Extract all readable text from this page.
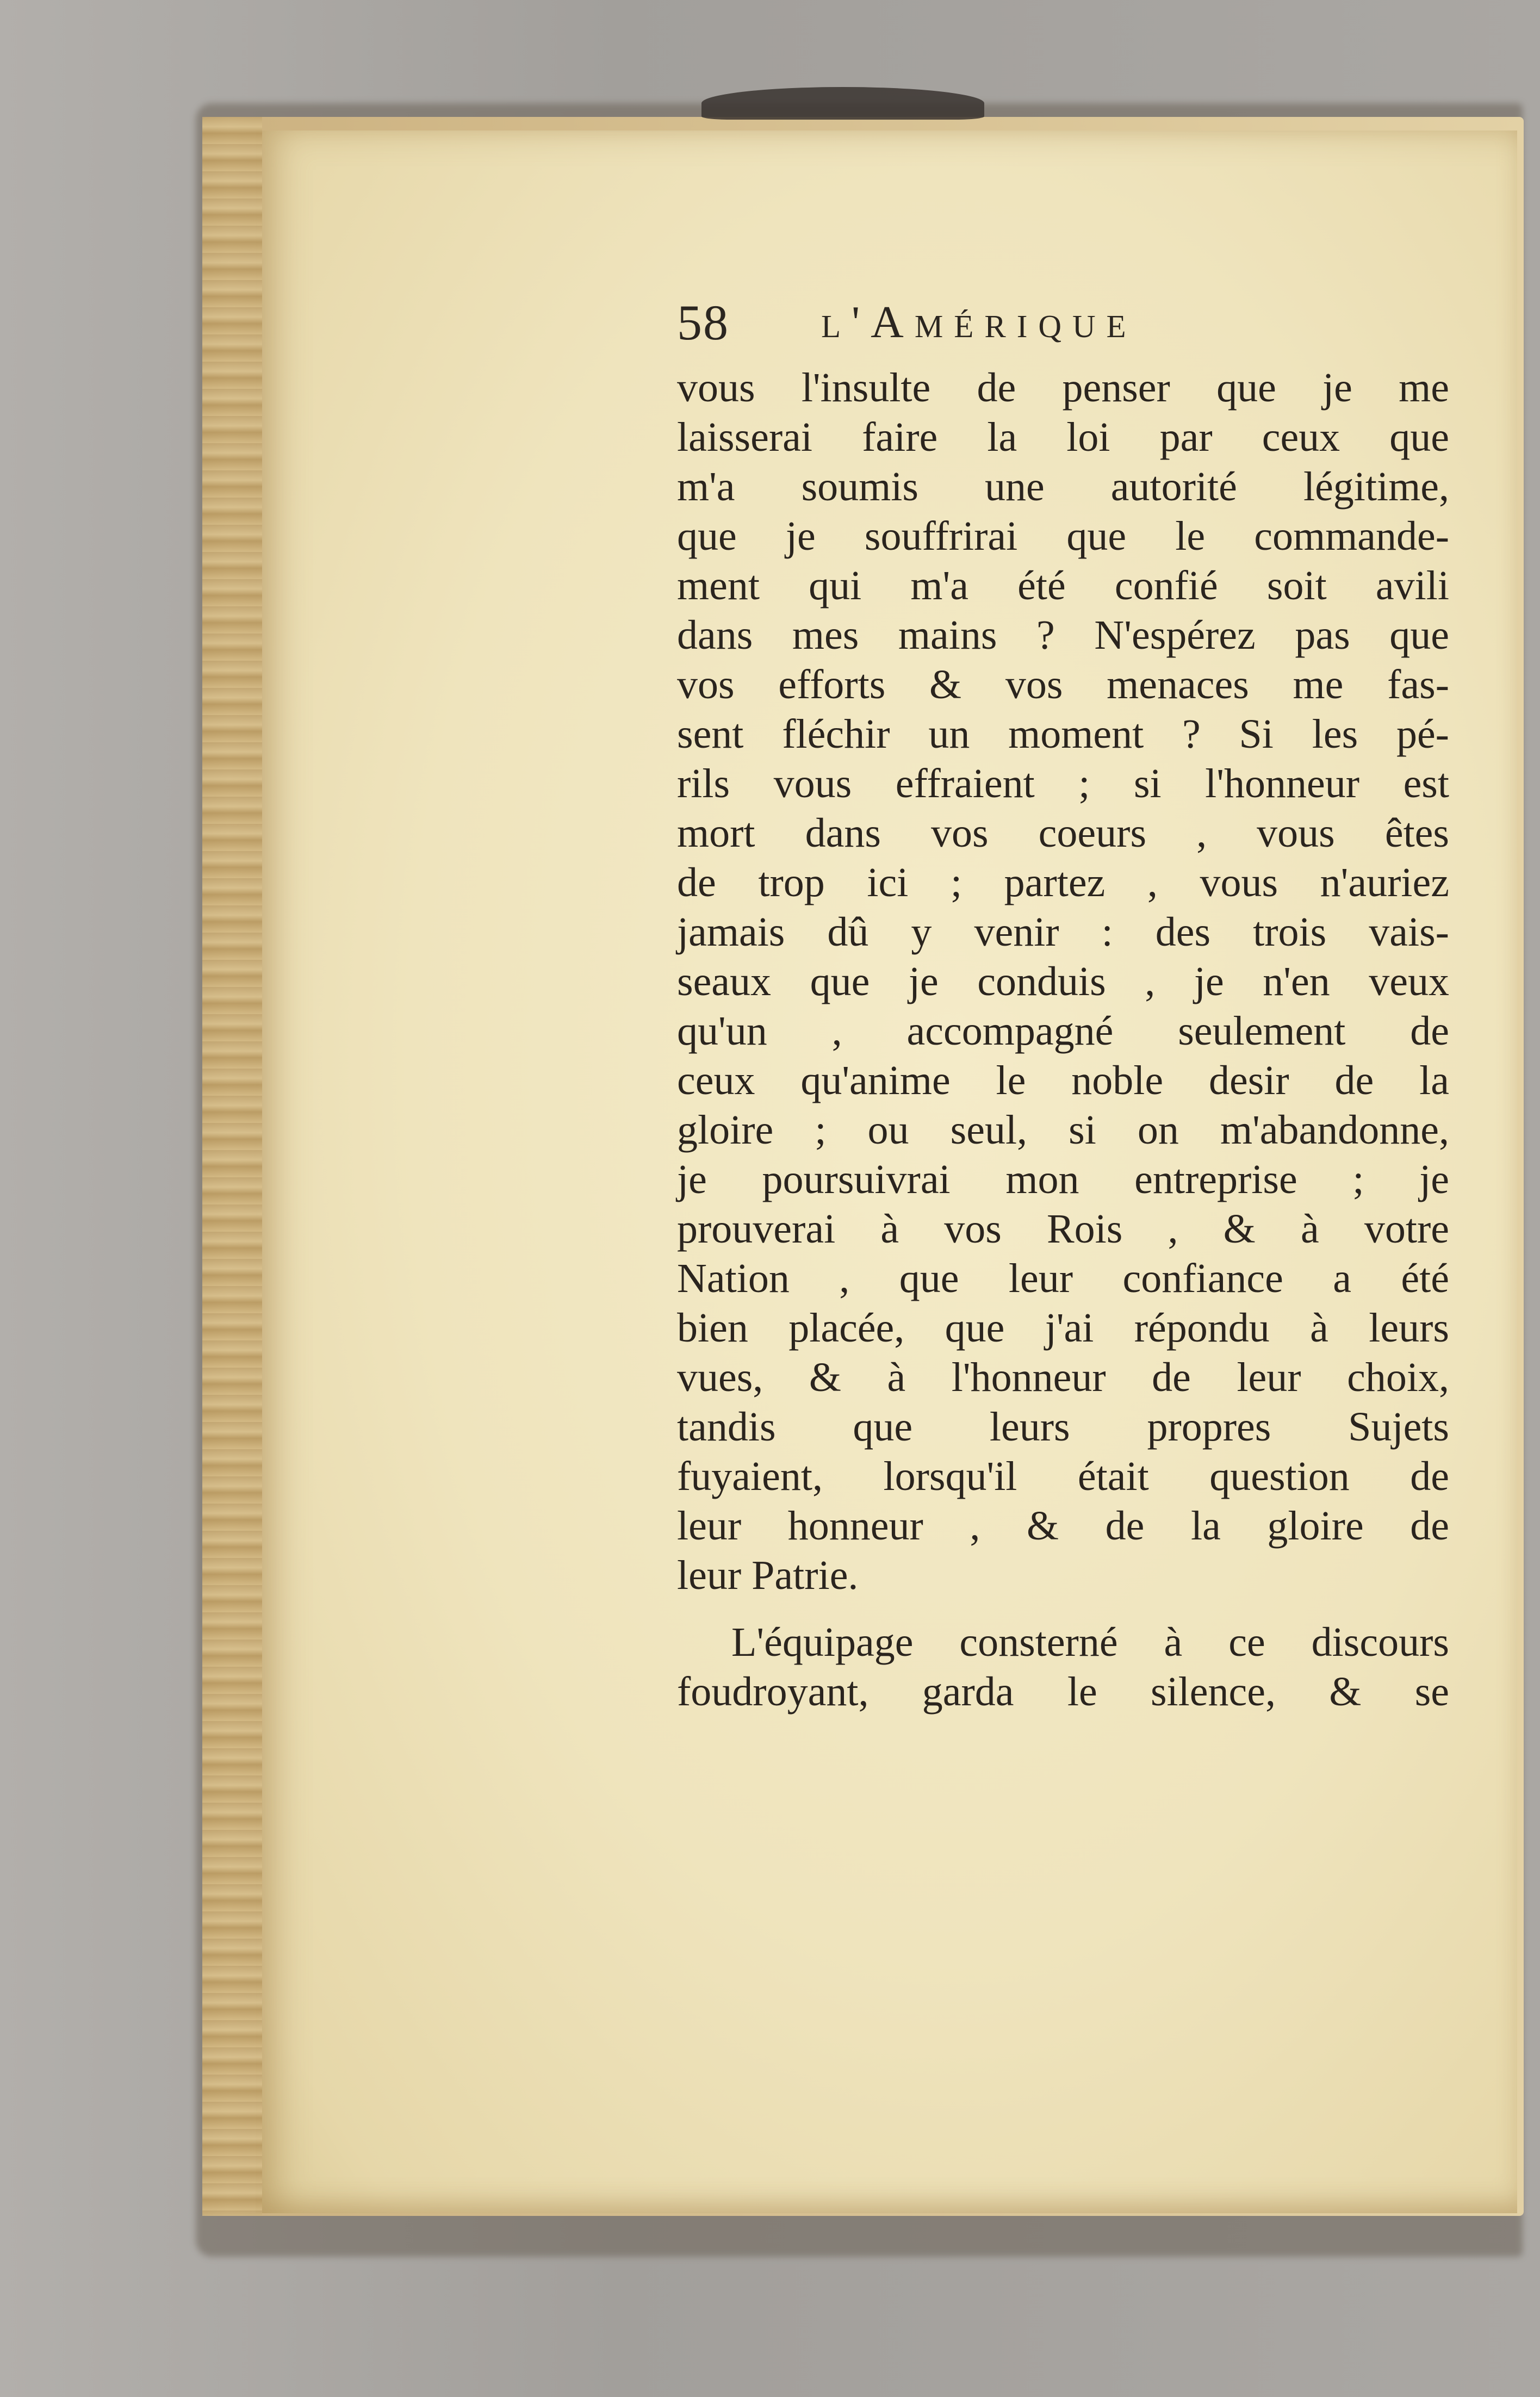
58 l'Amérique
vous l'insulte de penser que je me
laisserai faire la loi par ceux que
m'a soumis une autorité légitime,
que je souffrirai que le commande-
ment qui m'a été confié soit avili
dans mes mains ? N'espérez pas que
vos efforts & vos menaces me fas-
sent fléchir un moment ? Si les pé-
rils vous effraient ; si l'honneur est
mort dans vos coeurs , vous êtes
de trop ici ; partez , vous n'auriez
jamais dû y venir : des trois vais-
seaux que je conduis , je n'en veux
qu'un , accompagné seulement de
ceux qu'anime le noble desir de la
gloire ; ou seul, si on m'abandonne,
je poursuivrai mon entreprise ; je
prouverai à vos Rois , & à votre
Nation , que leur confiance a été
bien placée, que j'ai répondu à leurs
vues, & à l'honneur de leur choix,
tandis que leurs propres Sujets
fuyaient, lorsqu'il était question de
leur honneur , & de la gloire de
leur Patrie.
L'équipage consterné à ce discours
foudroyant, garda le silence, & se
